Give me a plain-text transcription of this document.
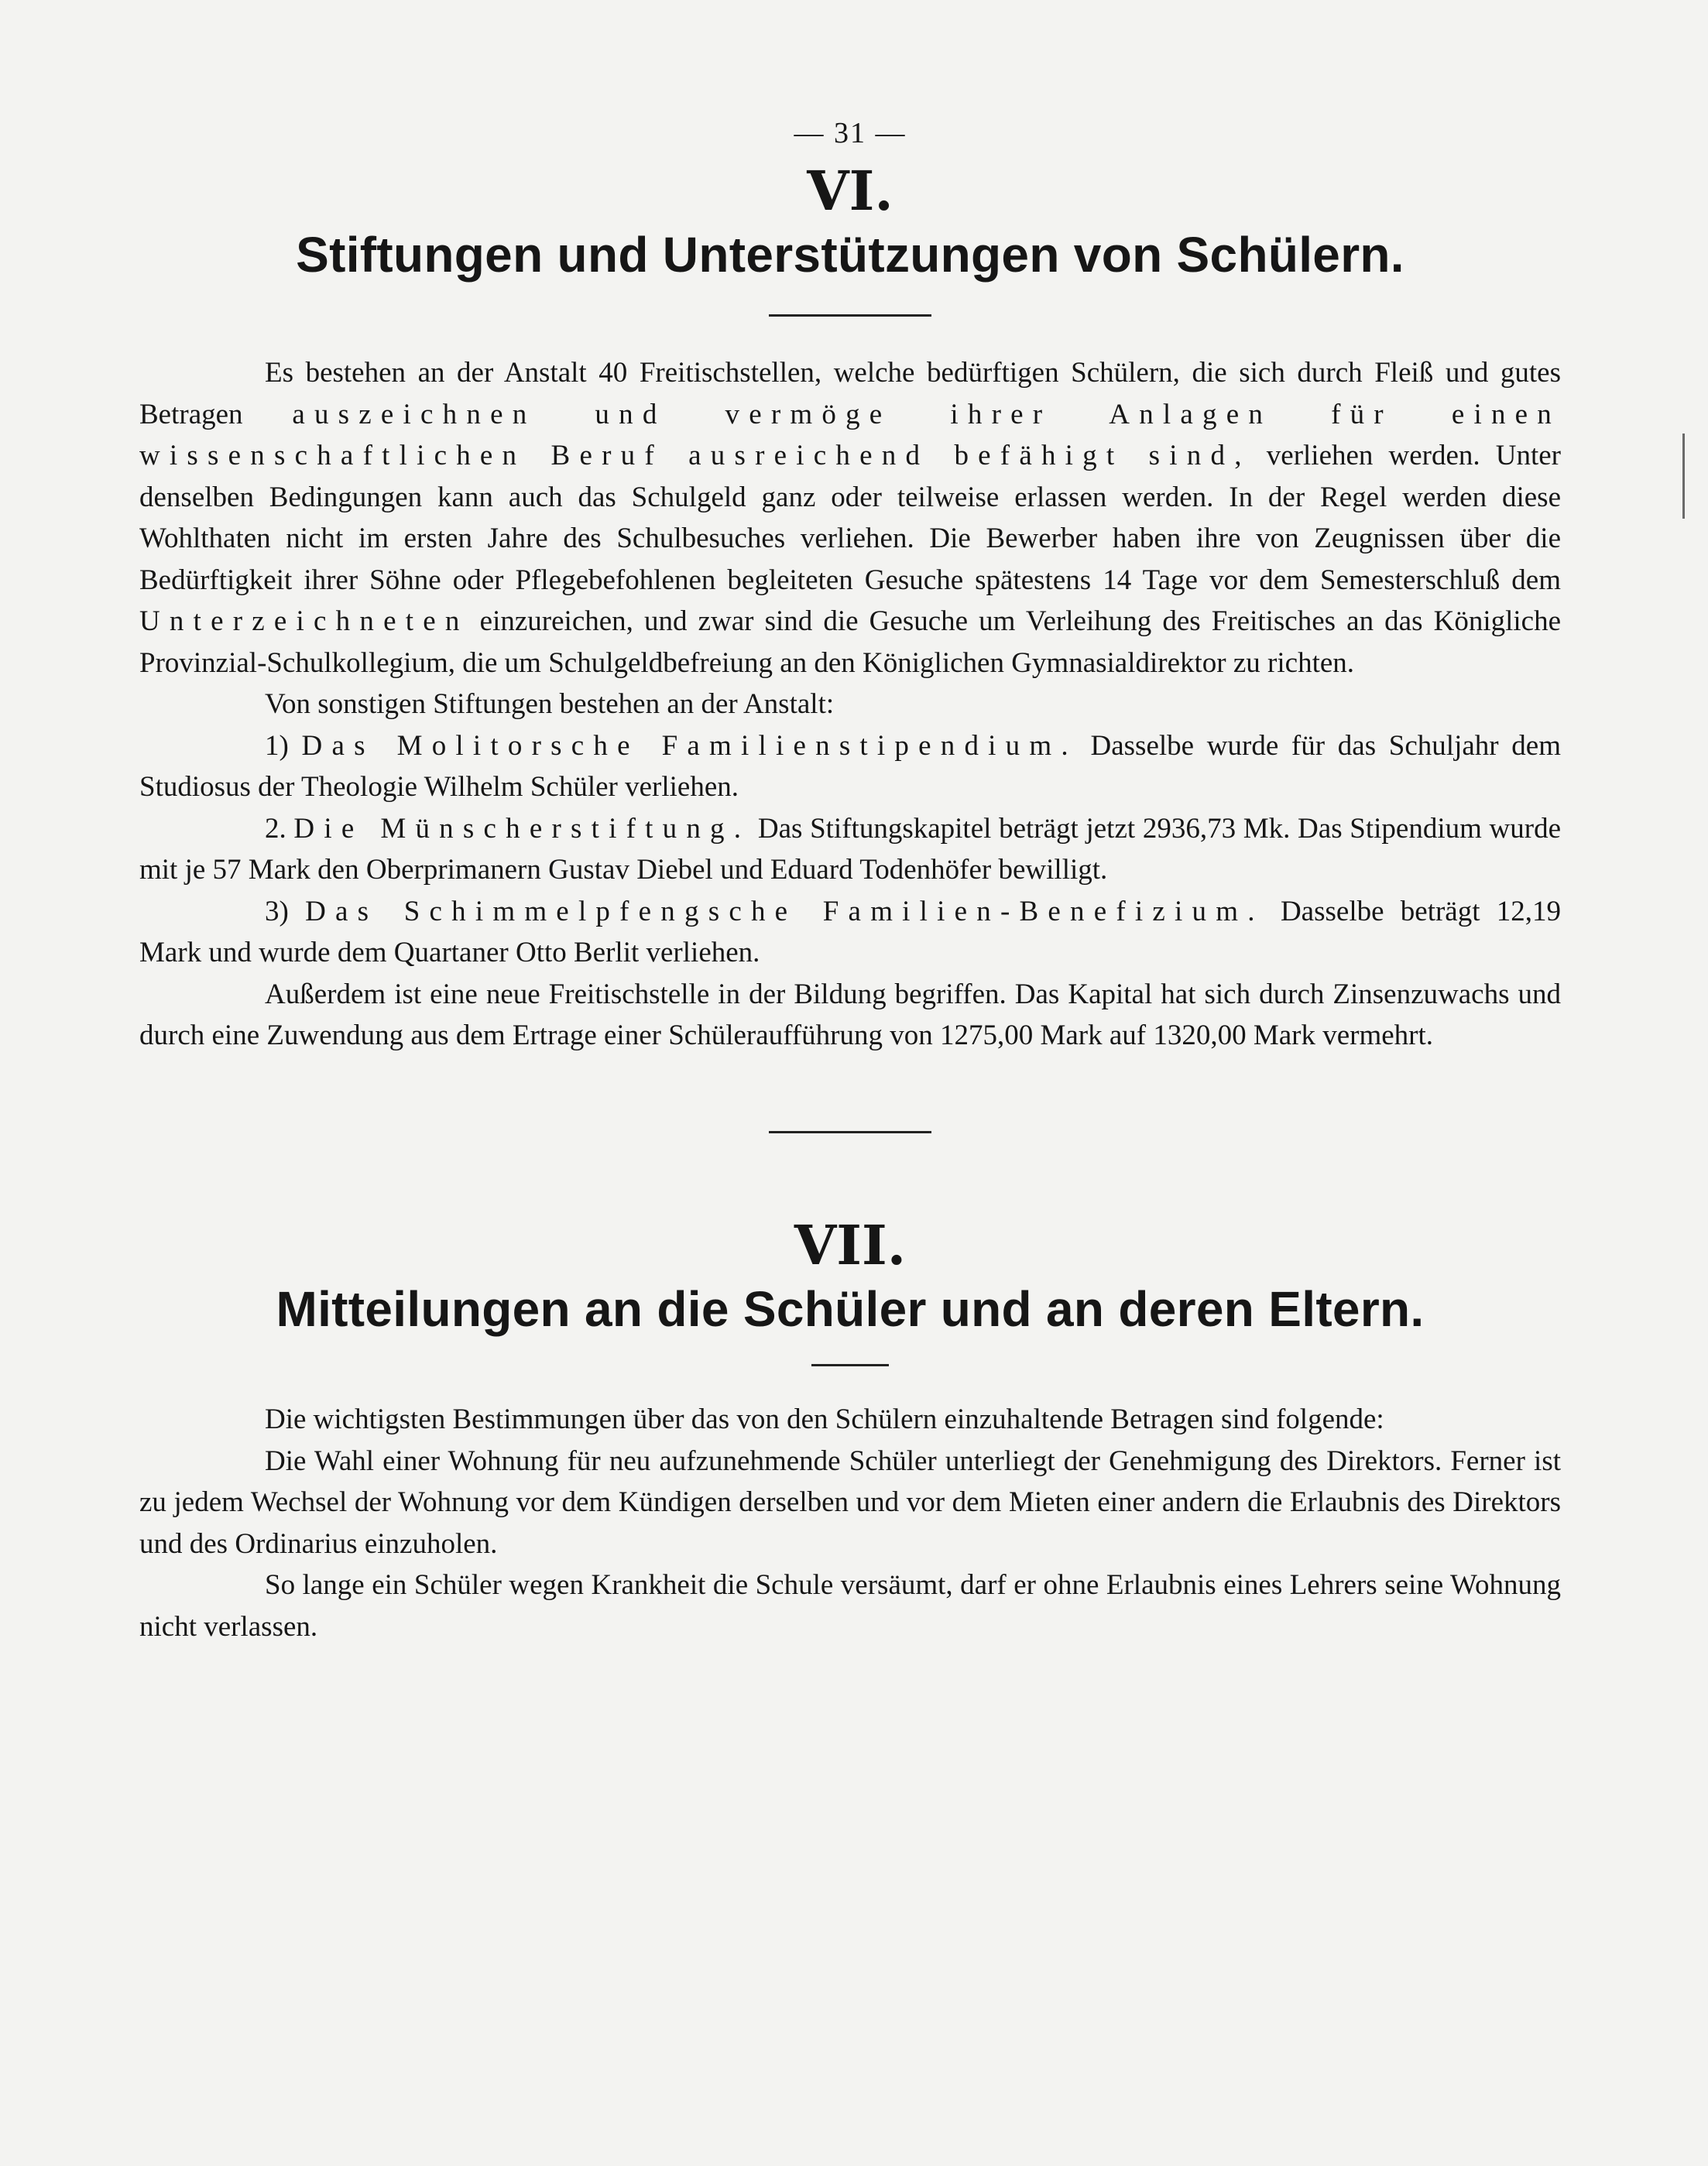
— 31 —
VI.
Stiftungen und Unterstützungen von Schülern.

Es bestehen an der Anstalt 40 Freitischstellen, welche bedürftigen Schülern, die sich durch Fleiß und gutes Betragen auszeichnen und vermöge ihrer Anlagen für einen wissenschaftlichen Beruf ausreichend befähigt sind, verliehen werden. Unter denselben Bedingungen kann auch das Schulgeld ganz oder teilweise erlassen werden. In der Regel werden diese Wohlthaten nicht im ersten Jahre des Schulbesuches verliehen. Die Bewerber haben ihre von Zeugnissen über die Bedürftigkeit ihrer Söhne oder Pflegebefohlenen begleiteten Gesuche spätestens 14 Tage vor dem Semesterschluß dem Unterzeichneten einzureichen, und zwar sind die Gesuche um Verleihung des Freitisches an das Königliche Provinzial-Schulkollegium, die um Schulgeldbefreiung an den Königlichen Gymnasialdirektor zu richten.

Von sonstigen Stiftungen bestehen an der Anstalt:

1) Das Molitorsche Familienstipendium. Dasselbe wurde für das Schuljahr dem Studiosus der Theologie Wilhelm Schüler verliehen.

2. Die Münscherstiftung. Das Stiftungskapitel beträgt jetzt 2936,73 Mk. Das Stipendium wurde mit je 57 Mark den Oberprimanern Gustav Diebel und Eduard Todenhöfer bewilligt.

3) Das Schimmelpfengsche Familien-Benefizium. Dasselbe beträgt 12,19 Mark und wurde dem Quartaner Otto Berlit verliehen.

Außerdem ist eine neue Freitischstelle in der Bildung begriffen. Das Kapital hat sich durch Zinsenzuwachs und durch eine Zuwendung aus dem Ertrage einer Schüleraufführung von 1275,00 Mark auf 1320,00 Mark vermehrt.

VII.
Mitteilungen an die Schüler und an deren Eltern.

Die wichtigsten Bestimmungen über das von den Schülern einzuhaltende Betragen sind folgende:

Die Wahl einer Wohnung für neu aufzunehmende Schüler unterliegt der Genehmigung des Direktors. Ferner ist zu jedem Wechsel der Wohnung vor dem Kündigen derselben und vor dem Mieten einer andern die Erlaubnis des Direktors und des Ordinarius einzuholen.

So lange ein Schüler wegen Krankheit die Schule versäumt, darf er ohne Erlaubnis eines Lehrers seine Wohnung nicht verlassen.
